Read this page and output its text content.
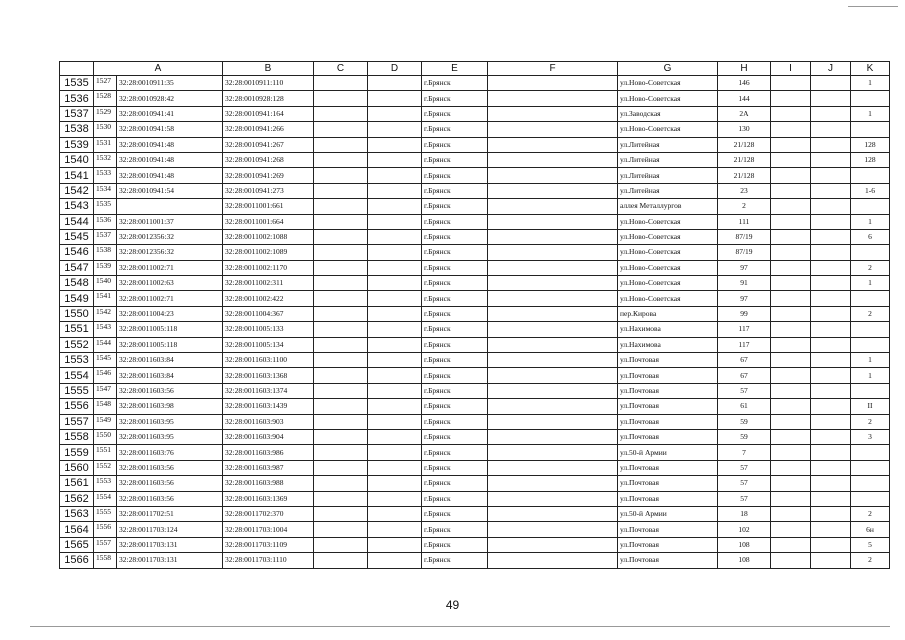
	A		B	C	D	E	F	G	H	I	J	K	
1535	1527	32:28:0010911:35	32:28:0010911:110			г.Брянск		ул.Ново-Советская	146			1	
1536	1528	32:28:0010928:42	32:28:0010928:128			г.Брянск		ул.Ново-Советская	144				
1537	1529	32:28:0010941:41	32:28:0010941:164			г.Брянск		ул.Заводская	2А			1	
1538	1530	32:28:0010941:58	32:28:0010941:266			г.Брянск		ул.Ново-Советская	130				
1539	1531	32:28:0010941:48	32:28:0010941:267			г.Брянск		ул.Литейная	21/128			128	
1540	1532	32:28:0010941:48	32:28:0010941:268			г.Брянск		ул.Литейная	21/128			128	
1541	1533	32:28:0010941:48	32:28:0010941:269			г.Брянск		ул.Литейная	21/128				
1542	1534	32:28:0010941:54	32:28:0010941:273			г.Брянск		ул.Литейная	23			1-6	
1543	1535		32:28:0011001:661			г.Брянск		аллея Металлургов	2				
1544	1536	32:28:0011001:37	32:28:0011001:664			г.Брянск		ул.Ново-Советская	111			1	
1545	1537	32:28:0012356:32	32:28:0011002:1088			г.Брянск		ул.Ново-Советская	87/19			6	
1546	1538	32:28:0012356:32	32:28:0011002:1089			г.Брянск		ул.Ново-Советская	87/19				
1547	1539	32:28:0011002:71	32:28:0011002:1170			г.Брянск		ул.Ново-Советская	97			2	
1548	1540	32:28:0011002:63	32:28:0011002:311			г.Брянск		ул.Ново-Советская	91			1	
1549	1541	32:28:0011002:71	32:28:0011002:422			г.Брянск		ул.Ново-Советская	97				
1550	1542	32:28:0011004:23	32:28:0011004:367			г.Брянск		пер.Кирова	99			2	
1551	1543	32:28:0011005:118	32:28:0011005:133			г.Брянск		ул.Нахимова	117				
1552	1544	32:28:0011005:118	32:28:0011005:134			г.Брянск		ул.Нахимова	117				
1553	1545	32:28:0011603:84	32:28:0011603:1100			г.Брянск		ул.Почтовая	67			1	
1554	1546	32:28:0011603:84	32:28:0011603:1368			г.Брянск		ул.Почтовая	67			1	
1555	1547	32:28:0011603:56	32:28:0011603:1374			г.Брянск		ул.Почтовая	57				
1556	1548	32:28:0011603:98	32:28:0011603:1439			г.Брянск		ул.Почтовая	61			II	
1557	1549	32:28:0011603:95	32:28:0011603:903			г.Брянск		ул.Почтовая	59			2	
1558	1550	32:28:0011603:95	32:28:0011603:904			г.Брянск		ул.Почтовая	59			3	
1559	1551	32:28:0011603:76	32:28:0011603:986			г.Брянск		ул.50-й Армии	7				
1560	1552	32:28:0011603:56	32:28:0011603:987			г.Брянск		ул.Почтовая	57				
1561	1553	32:28:0011603:56	32:28:0011603:988			г.Брянск		ул.Почтовая	57				
1562	1554	32:28:0011603:56	32:28:0011603:1369			г.Брянск		ул.Почтовая	57				
1563	1555	32:28:0011702:51	32:28:0011702:370			г.Брянск		ул.50-й Армии	18			2	
1564	1556	32:28:0011703:124	32:28:0011703:1004			г.Брянск		ул.Почтовая	102			6н	
1565	1557	32:28:0011703:131	32:28:0011703:1109			г.Брянск		ул.Почтовая	108			5	
1566	1558	32:28:0011703:131	32:28:0011703:1110			г.Брянск		ул.Почтовая	108			2	
49
